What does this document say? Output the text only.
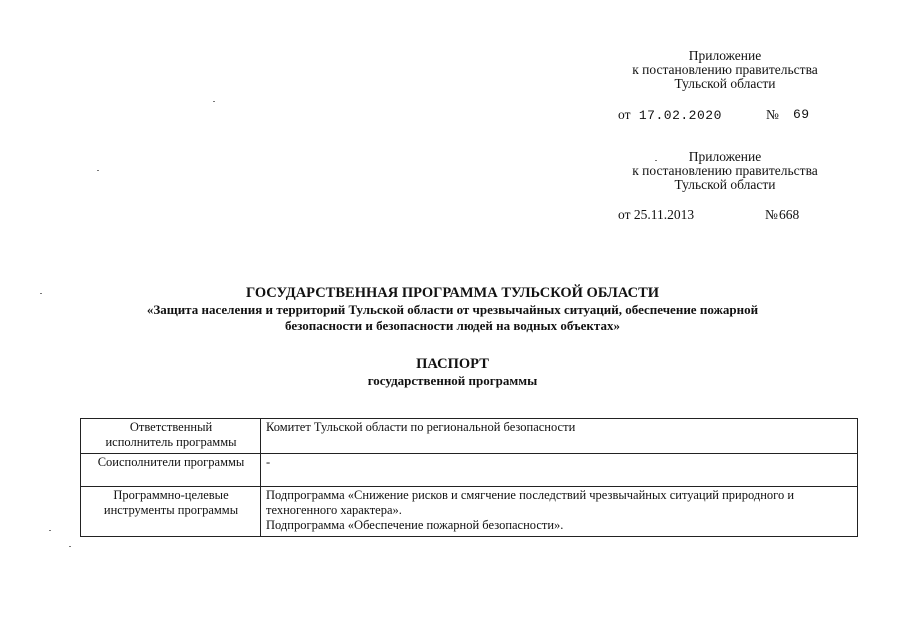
Приложение
к постановлению правительства
Тульской области
от 17.02.2020	№ 69
Приложение
к постановлению правительства
Тульской области
от 25.11.2013	№ 668
ГОСУДАРСТВЕННАЯ ПРОГРАММА ТУЛЬСКОЙ ОБЛАСТИ
«Защита населения и территорий Тульской области от чрезвычайных ситуаций, обеспечение пожарной
безопасности и безопасности людей на водных объектах»
ПАСПОРТ
государственной программы
Ответственный
исполнитель программы	Комитет Тульской области по региональной безопасности

Соисполнители программы	-

Программно-целевые
инструменты программы	Подпрограмма «Снижение рисков и смягчение последствий чрезвычайных ситуаций природного и
техногенного характера».
Подпрограмма «Обеспечение пожарной безопасности».
